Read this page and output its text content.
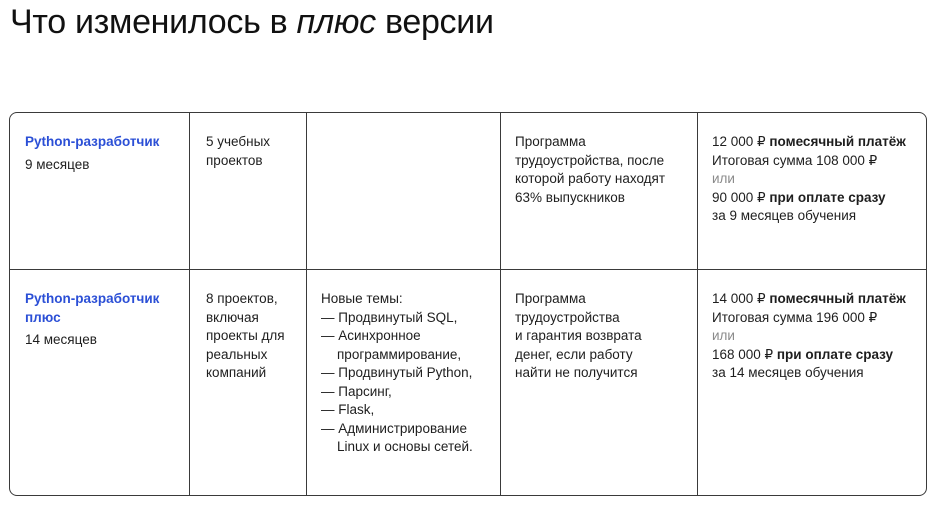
Что изменилось в плюс версии
Python-разработчик
9 месяцев
5 учебных
проектов
Программа
трудоустройства, после
которой работу находят
63% выпускников
12 000 ₽ помесячный платёж
Итоговая сумма 108 000 ₽
или
90 000 ₽ при оплате сразу
за 9 месяцев обучения
Python-разработчик
плюс
14 месяцев
8 проектов,
включая
проекты для
реальных
компаний
Новые темы:
— Продвинутый SQL,
— Асинхронное
программирование,
— Продвинутый Python,
— Парсинг,
— Flask,
— Администрирование
Linux и основы сетей.
Программа
трудоустройства
и гарантия возврата
денег, если работу
найти не получится
14 000 ₽ помесячный платёж
Итоговая сумма 196 000 ₽
или
168 000 ₽ при оплате сразу
за 14 месяцев обучения
